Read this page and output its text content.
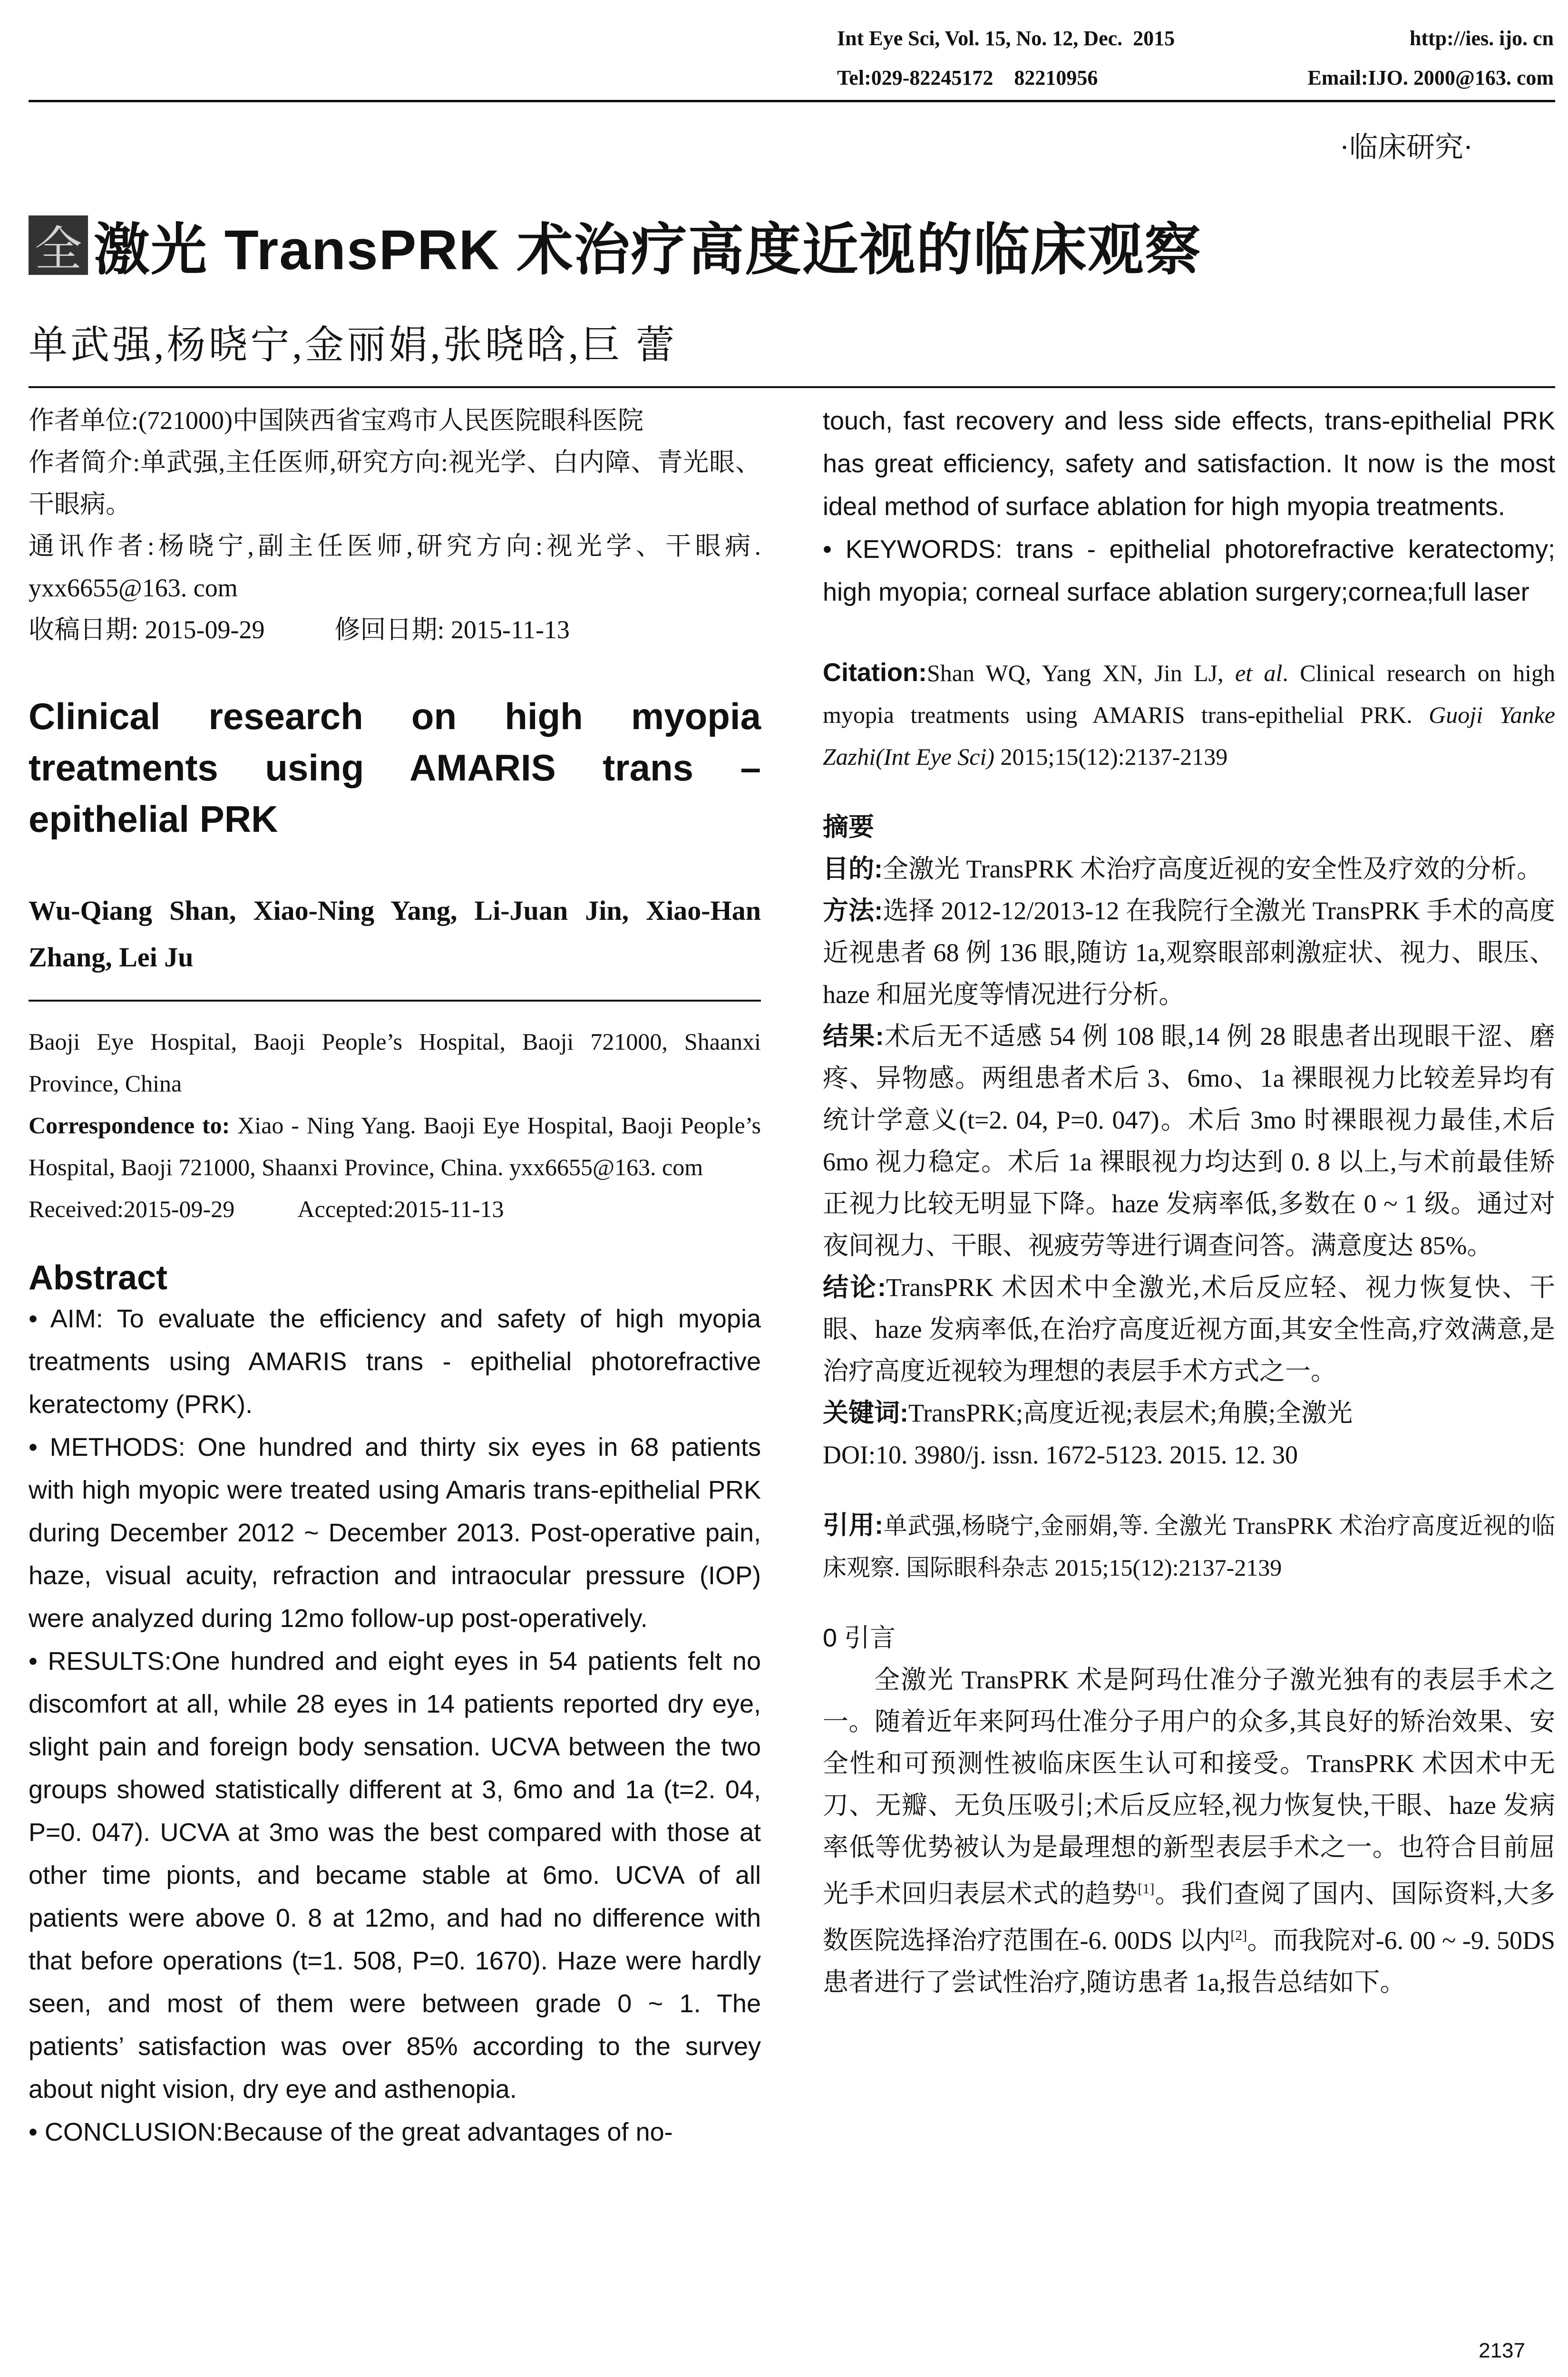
Int Eye Sci, Vol. 15, No. 12, Dec.  2015	http://ies. ijo. cn
Tel:029-82245172    82210956	Email:IJO. 2000@163. com
·临床研究·
全 激光 TransPRK 术治疗高度近视的临床观察
单武强,杨晓宁,金丽娟,张晓晗,巨 蕾

作者单位:(721000)中国陕西省宝鸡市人民医院眼科医院

作者简介:单武强,主任医师,研究方向:视光学、白内障、青光眼、干眼病。

通讯作者:杨晓宁,副主任医师,研究方向:视光学、干眼病. yxx6655@163. com

收稿日期: 2015-09-29	修回日期: 2015-11-13

Clinical research on high myopia
treatments using AMARIS trans –
epithelial PRK

Wu-Qiang Shan, Xiao-Ning Yang, Li-Juan Jin, Xiao-Han Zhang, Lei Ju

Baoji Eye Hospital, Baoji People’s Hospital, Baoji 721000, Shaanxi Province, China

Correspondence to: Xiao - Ning Yang. Baoji Eye Hospital, Baoji People’s Hospital, Baoji 721000, Shaanxi Province, China. yxx6655@163. com

Received:2015-09-29	Accepted:2015-11-13

Abstract

• AIM: To evaluate the efficiency and safety of high myopia treatments using AMARIS trans - epithelial photorefractive keratectomy (PRK).

• METHODS: One hundred and thirty six eyes in 68 patients with high myopic were treated using Amaris trans-epithelial PRK during December 2012 ~ December 2013. Post-operative pain, haze, visual acuity, refraction and intraocular pressure (IOP) were analyzed during 12mo follow-up post-operatively.

• RESULTS:One hundred and eight eyes in 54 patients felt no discomfort at all, while 28 eyes in 14 patients reported dry eye, slight pain and foreign body sensation. UCVA between the two groups showed statistically different at 3, 6mo and 1a (t=2. 04, P=0. 047). UCVA at 3mo was the best compared with those at other time pionts, and became stable at 6mo. UCVA of all patients were above 0. 8 at 12mo, and had no difference with that before operations (t=1. 508, P=0. 1670). Haze were hardly seen, and most of them were between grade 0 ~ 1. The patients’ satisfaction was over 85% according to the survey about night vision, dry eye and asthenopia.

• CONCLUSION:Because of the great advantages of no-

touch, fast recovery and less side effects, trans-epithelial PRK has great efficiency, safety and satisfaction. It now is the most ideal method of surface ablation for high myopia treatments.

• KEYWORDS: trans - epithelial photorefractive keratectomy; high myopia; corneal surface ablation surgery;cornea;full laser

Citation:Shan WQ, Yang XN, Jin LJ, et al. Clinical research on high myopia treatments using AMARIS trans-epithelial PRK. Guoji Yanke Zazhi(Int Eye Sci) 2015;15(12):2137-2139

摘要

目的:全激光 TransPRK 术治疗高度近视的安全性及疗效的分析。

方法:选择 2012-12/2013-12 在我院行全激光 TransPRK 手术的高度近视患者 68 例 136 眼,随访 1a,观察眼部刺激症状、视力、眼压、haze 和屈光度等情况进行分析。

结果:术后无不适感 54 例 108 眼,14 例 28 眼患者出现眼干涩、磨疼、异物感。两组患者术后 3、6mo、1a 裸眼视力比较差异均有统计学意义(t=2. 04, P=0. 047)。术后 3mo 时裸眼视力最佳,术后 6mo 视力稳定。术后 1a 裸眼视力均达到 0. 8 以上,与术前最佳矫正视力比较无明显下降。haze 发病率低,多数在 0 ~ 1 级。通过对夜间视力、干眼、视疲劳等进行调查问答。满意度达 85%。

结论:TransPRK 术因术中全激光,术后反应轻、视力恢复快、干眼、haze 发病率低,在治疗高度近视方面,其安全性高,疗效满意,是治疗高度近视较为理想的表层手术方式之一。

关键词:TransPRK;高度近视;表层术;角膜;全激光

DOI:10. 3980/j. issn. 1672-5123. 2015. 12. 30

引用:单武强,杨晓宁,金丽娟,等. 全激光 TransPRK 术治疗高度近视的临床观察. 国际眼科杂志 2015;15(12):2137-2139

0 引言

全激光 TransPRK 术是阿玛仕准分子激光独有的表层手术之一。随着近年来阿玛仕准分子用户的众多,其良好的矫治效果、安全性和可预测性被临床医生认可和接受。TransPRK 术因术中无刀、无瓣、无负压吸引;术后反应轻,视力恢复快,干眼、haze 发病率低等优势被认为是最理想的新型表层手术之一。也符合目前屈光手术回归表层术式的趋势[1]。我们查阅了国内、国际资料,大多数医院选择治疗范围在-6. 00DS 以内[2]。而我院对-6. 00 ~ -9. 50DS 患者进行了尝试性治疗,随访患者 1a,报告总结如下。

2137
